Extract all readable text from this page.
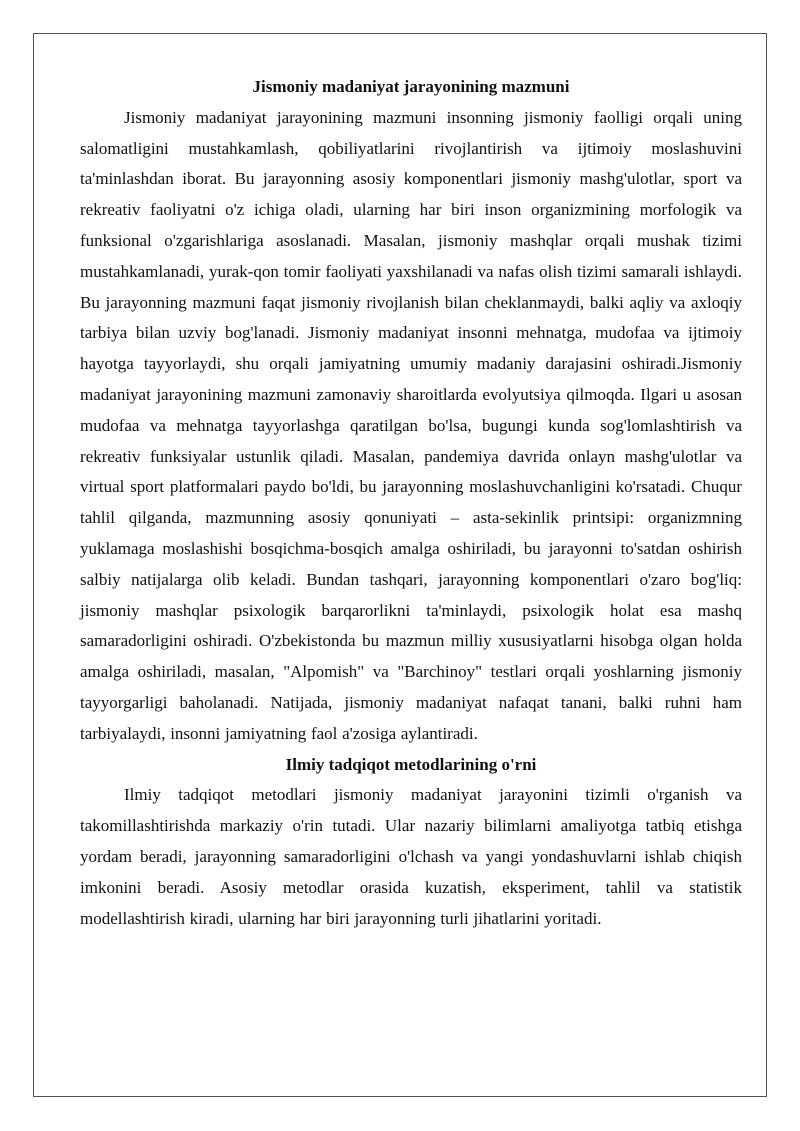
Jismoniy madaniyat jarayonining mazmuni

Jismoniy madaniyat jarayonining mazmuni insonning jismoniy faolligi orqali uning salomatligini mustahkamlash, qobiliyatlarini rivojlantirish va ijtimoiy moslashuvini ta'minlashdan iborat. Bu jarayonning asosiy komponentlari jismoniy mashg'ulotlar, sport va rekreativ faoliyatni o'z ichiga oladi, ularning har biri inson organizmining morfologik va funksional o'zgarishlariga asoslanadi. Masalan, jismoniy mashqlar orqali mushak tizimi mustahkamlanadi, yurak-qon tomir faoliyati yaxshilanadi va nafas olish tizimi samarali ishlaydi. Bu jarayonning mazmuni faqat jismoniy rivojlanish bilan cheklanmaydi, balki aqliy va axloqiy tarbiya bilan uzviy bog'lanadi. Jismoniy madaniyat insonni mehnatga, mudofaa va ijtimoiy hayotga tayyorlaydi, shu orqali jamiyatning umumiy madaniy darajasini oshiradi.Jismoniy madaniyat jarayonining mazmuni zamonaviy sharoitlarda evolyutsiya qilmoqda. Ilgari u asosan mudofaa va mehnatga tayyorlashga qaratilgan bo'lsa, bugungi kunda sog'lomlashtirish va rekreativ funksiyalar ustunlik qiladi. Masalan, pandemiya davrida onlayn mashg'ulotlar va virtual sport platformalari paydo bo'ldi, bu jarayonning moslashuvchanligini ko'rsatadi. Chuqur tahlil qilganda, mazmunning asosiy qonuniyati – asta-sekinlik printsipi: organizmning yuklamaga moslashishi bosqichma-bosqich amalga oshiriladi, bu jarayonni to'satdan oshirish salbiy natijalarga olib keladi. Bundan tashqari, jarayonning komponentlari o'zaro bog'liq: jismoniy mashqlar psixologik barqarorlikni ta'minlaydi, psixologik holat esa mashq samaradorligini oshiradi. O'zbekistonda bu mazmun milliy xususiyatlarni hisobga olgan holda amalga oshiriladi, masalan, "Alpomish" va "Barchinoy" testlari orqali yoshlarning jismoniy tayyorgarligi baholanadi. Natijada, jismoniy madaniyat nafaqat tanani, balki ruhni ham tarbiyalaydi, insonni jamiyatning faol a'zosiga aylantiradi.

Ilmiy tadqiqot metodlarining o'rni

Ilmiy tadqiqot metodlari jismoniy madaniyat jarayonini tizimli o'rganish va takomillashtirishda markaziy o'rin tutadi. Ular nazariy bilimlarni amaliyotga tatbiq etishga yordam beradi, jarayonning samaradorligini o'lchash va yangi yondashuvlarni ishlab chiqish imkonini beradi. Asosiy metodlar orasida kuzatish, eksperiment, tahlil va statistik modellashtirish kiradi, ularning har biri jarayonning turli jihatlarini yoritadi.
